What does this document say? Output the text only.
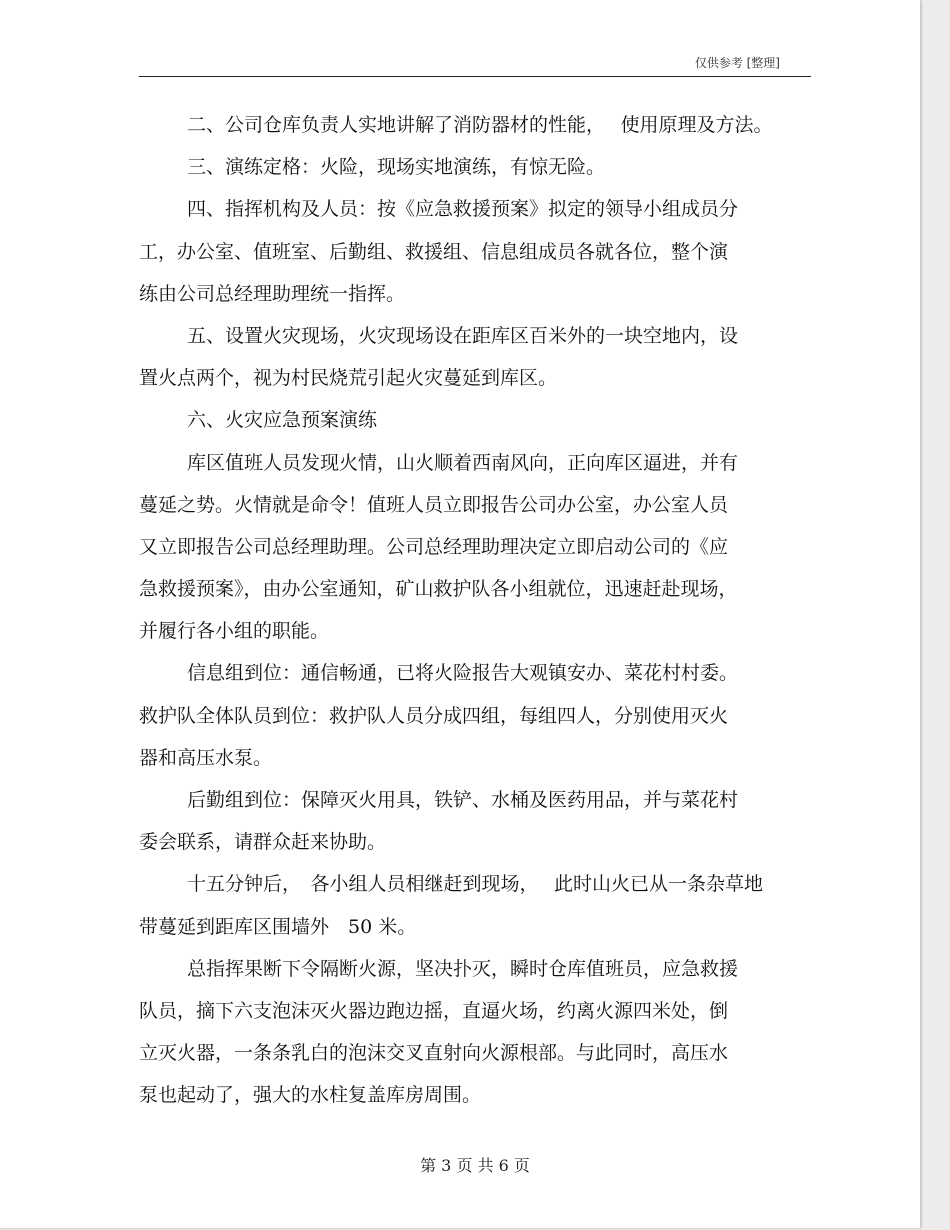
仅供参考 [整理]
二、公司仓库负责人实地讲解了消防器材的性能，　 使用原理及方法。
三、演练定格：火险，现场实地演练，有惊无险。
四、指挥机构及人员：按《应急救援预案》拟定的领导小组成员分
工，办公室、值班室、后勤组、救援组、信息组成员各就各位，整个演
练由公司总经理助理统一指挥。
五、设置火灾现场，火灾现场设在距库区百米外的一块空地内，设
置火点两个，视为村民烧荒引起火灾蔓延到库区。
六、火灾应急预案演练
库区值班人员发现火情，山火顺着西南风向，正向库区逼进，并有
蔓延之势。火情就是命令！值班人员立即报告公司办公室，办公室人员
又立即报告公司总经理助理。公司总经理助理决定立即启动公司的《应
急救援预案》，由办公室通知，矿山救护队各小组就位，迅速赶赴现场，
并履行各小组的职能。
信息组到位：通信畅通，已将火险报告大观镇安办、菜花村村委。
救护队全体队员到位：救护队人员分成四组，每组四人，分别使用灭火
器和高压水泵。
后勤组到位：保障灭火用具，铁铲、水桶及医药用品，并与菜花村
委会联系，请群众赶来协助。
十五分钟后，　各小组人员相继赶到现场，　 此时山火已从一条杂草地
带蔓延到距库区围墙外　50 米。
总指挥果断下令隔断火源，坚决扑灭，瞬时仓库值班员，应急救援
队员，摘下六支泡沫灭火器边跑边摇，直逼火场，约离火源四米处，倒
立灭火器，一条条乳白的泡沫交叉直射向火源根部。与此同时，高压水
泵也起动了，强大的水柱复盖库房周围。
第 3 页 共 6 页
